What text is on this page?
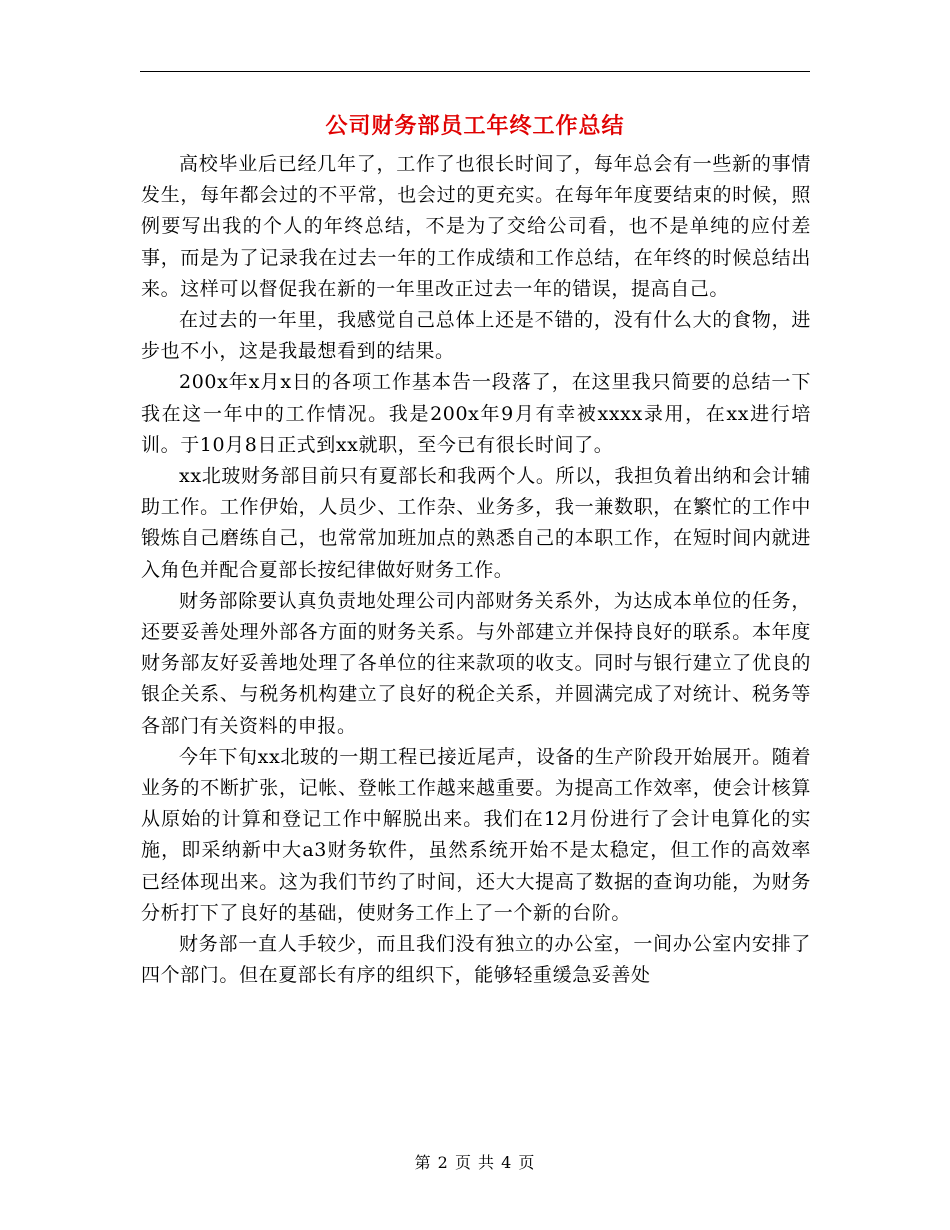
公司财务部员工年终工作总结

高校毕业后已经几年了，工作了也很长时间了，每年总会有一些新的事情发生，每年都会过的不平常，也会过的更充实。在每年年度要结束的时候，照例要写出我的个人的年终总结，不是为了交给公司看，也不是单纯的应付差事，而是为了记录我在过去一年的工作成绩和工作总结，在年终的时候总结出来。这样可以督促我在新的一年里改正过去一年的错误，提高自己。

在过去的一年里，我感觉自己总体上还是不错的，没有什么大的食物，进步也不小，这是我最想看到的结果。

200x年x月x日的各项工作基本告一段落了，在这里我只简要的总结一下我在这一年中的工作情况。我是200x年9月有幸被xxxx录用，在xx进行培训。于10月8日正式到xx就职，至今已有很长时间了。

xx北玻财务部目前只有夏部长和我两个人。所以，我担负着出纳和会计辅助工作。工作伊始，人员少、工作杂、业务多，我一兼数职，在繁忙的工作中锻炼自己磨练自己，也常常加班加点的熟悉自己的本职工作，在短时间内就进入角色并配合夏部长按纪律做好财务工作。

财务部除要认真负责地处理公司内部财务关系外，为达成本单位的任务，还要妥善处理外部各方面的财务关系。与外部建立并保持良好的联系。本年度财务部友好妥善地处理了各单位的往来款项的收支。同时与银行建立了优良的银企关系、与税务机构建立了良好的税企关系，并圆满完成了对统计、税务等各部门有关资料的申报。

今年下旬xx北玻的一期工程已接近尾声，设备的生产阶段开始展开。随着业务的不断扩张，记帐、登帐工作越来越重要。为提高工作效率，使会计核算从原始的计算和登记工作中解脱出来。我们在12月份进行了会计电算化的实施，即采纳新中大a3财务软件，虽然系统开始不是太稳定，但工作的高效率已经体现出来。这为我们节约了时间，还大大提高了数据的查询功能，为财务分析打下了良好的基础，使财务工作上了一个新的台阶。

财务部一直人手较少，而且我们没有独立的办公室，一间办公室内安排了四个部门。但在夏部长有序的组织下，能够轻重缓急妥善处

第 2 页 共 4 页
